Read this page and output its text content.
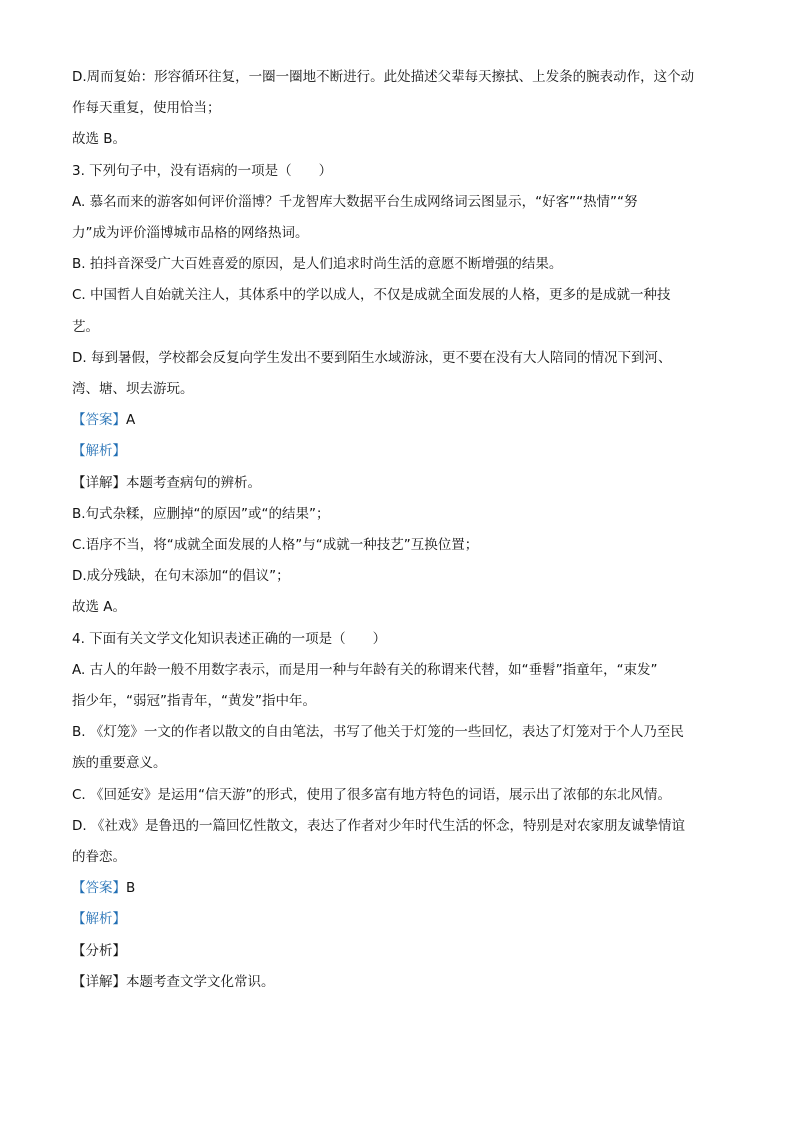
D.周而复始：形容循环往复，一圈一圈地不断进行。此处描述父辈每天擦拭、上发条的腕表动作，这个动
作每天重复，使用恰当；
故选 B。
3. 下列句子中，没有语病的一项是（　　）
A. 慕名而来的游客如何评价淄博？千龙智库大数据平台生成网络词云图显示，“好客”“热情”“努
力”成为评价淄博城市品格的网络热词。
B. 拍抖音深受广大百姓喜爱的原因，是人们追求时尚生活的意愿不断增强的结果。
C. 中国哲人自始就关注人，其体系中的学以成人，不仅是成就全面发展的人格，更多的是成就一种技
艺。
D. 每到暑假，学校都会反复向学生发出不要到陌生水域游泳，更不要在没有大人陪同的情况下到河、
湾、塘、坝去游玩。
【答案】A
【解析】
【详解】本题考查病句的辨析。
B.句式杂糅，应删掉“的原因”或“的结果”；
C.语序不当，将“成就全面发展的人格”与“成就一种技艺”互换位置；
D.成分残缺，在句末添加“的倡议”；
故选 A。
4. 下面有关文学文化知识表述正确的一项是（　　）
A. 古人的年龄一般不用数字表示，而是用一种与年龄有关的称谓来代替，如“垂髫”指童年，“束发”
指少年，“弱冠”指青年，“黄发”指中年。
B. 《灯笼》一文的作者以散文的自由笔法，书写了他关于灯笼的一些回忆，表达了灯笼对于个人乃至民
族的重要意义。
C. 《回延安》是运用“信天游”的形式，使用了很多富有地方特色的词语，展示出了浓郁的东北风情。
D. 《社戏》是鲁迅的一篇回忆性散文，表达了作者对少年时代生活的怀念，特别是对农家朋友诚挚情谊
的眷恋。
【答案】B
【解析】
【分析】
【详解】本题考查文学文化常识。
